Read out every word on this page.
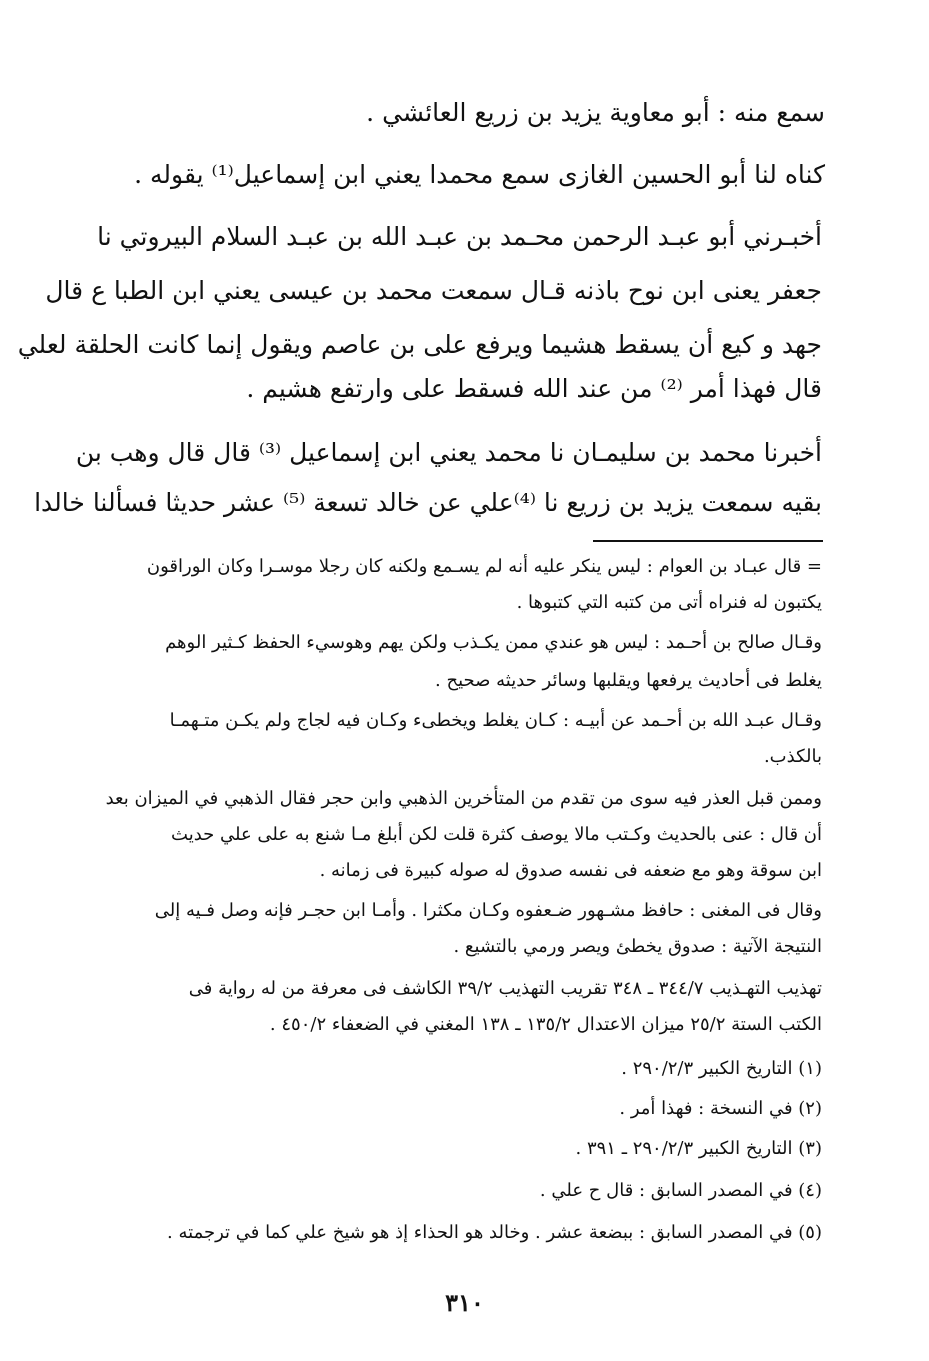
سمع منه : أبو معاوية يزيد بن زريع العائشي .
كناه لنا أبو الحسين الغازى سمع محمدا يعني ابن إسماعيل⁽¹⁾ يقوله .
أخبـرني أبو عبـد الرحمن محـمد بن عبـد الله بن عبـد السلام البيروتي نا
جعفر يعنى ابن نوح باذنه قـال سمعت محمد بن عيسى يعني ابن الطبا ع قال
جهد و كيع أن يسقط هشيما ويرفع على بن عاصم ويقول إنما كانت الحلقة لعلي
قال فهذا أمر ⁽²⁾ من عند الله فسقط على وارتفع هشيم .
أخبرنا محمد بن سليمـان نا محمد يعني ابن إسماعيل ⁽³⁾ قال قال وهب بن
بقيه سمعت يزيد بن زريع نا ⁽⁴⁾علي عن خالد تسعة ⁽⁵⁾ عشر حديثا فسألنا خالدا
= قال عبـاد بن العوام : ليس ينكر عليه أنه لم يسـمع ولكنه كان رجلا موسـرا وكان الوراقون
يكتبون له فنراه أتى من كتبه التي كتبوها .
وقـال صالح بن أحـمد : ليس هو عندي ممن يكـذب ولكن يهم وهوسيء الحفظ كـثير الوهم
يغلط فى أحاديث يرفعها ويقلبها وسائر حديثه صحيح .
وقـال عبـد الله بن أحـمد عن أبيـه : كـان يغلط ويخطىء وكـان فيه لجاج ولم يكـن متـهمـا
بالكذب.
وممن قبل العذر فيه سوى من تقدم من المتأخرين الذهبي وابن حجر فقال الذهبي في الميزان بعد
أن قال : عنى بالحديث وكـتب مالا يوصف كثرة قلت لكن أبلغ مـا شنع به على علي حديث
ابن سوقة وهو مع ضعفه فى نفسه صدوق له صوله كبيرة فى زمانه .
وقال فى المغنى : حافظ مشـهور ضـعفوه وكـان مكثرا . وأمـا ابن حجـر فإنه وصل فـيه إلى
النتيجة الآتية : صدوق يخطئ ويصر ورمي بالتشيع .
تهذيب التهـذيب ٣٤٤/٧ ـ ٣٤٨ تقريب التهذيب ٣٩/٢ الكاشف فى معرفة من له رواية فى
الكتب الستة ٢٥/٢ ميزان الاعتدال ١٣٥/٢ ـ ١٣٨ المغني في الضعفاء ٤٥٠/٢ .
(١) التاريخ الكبير ٢٩٠/٢/٣ .
(٢) في النسخة : فهذا أمر .
(٣) التاريخ الكبير ٢٩٠/٢/٣ ـ ٣٩١ .
(٤) في المصدر السابق : قال ح علي .
(٥) في المصدر السابق : ببضعة عشر . وخالد هو الحذاء إذ هو شيخ علي كما في ترجمته .
٣١٠
